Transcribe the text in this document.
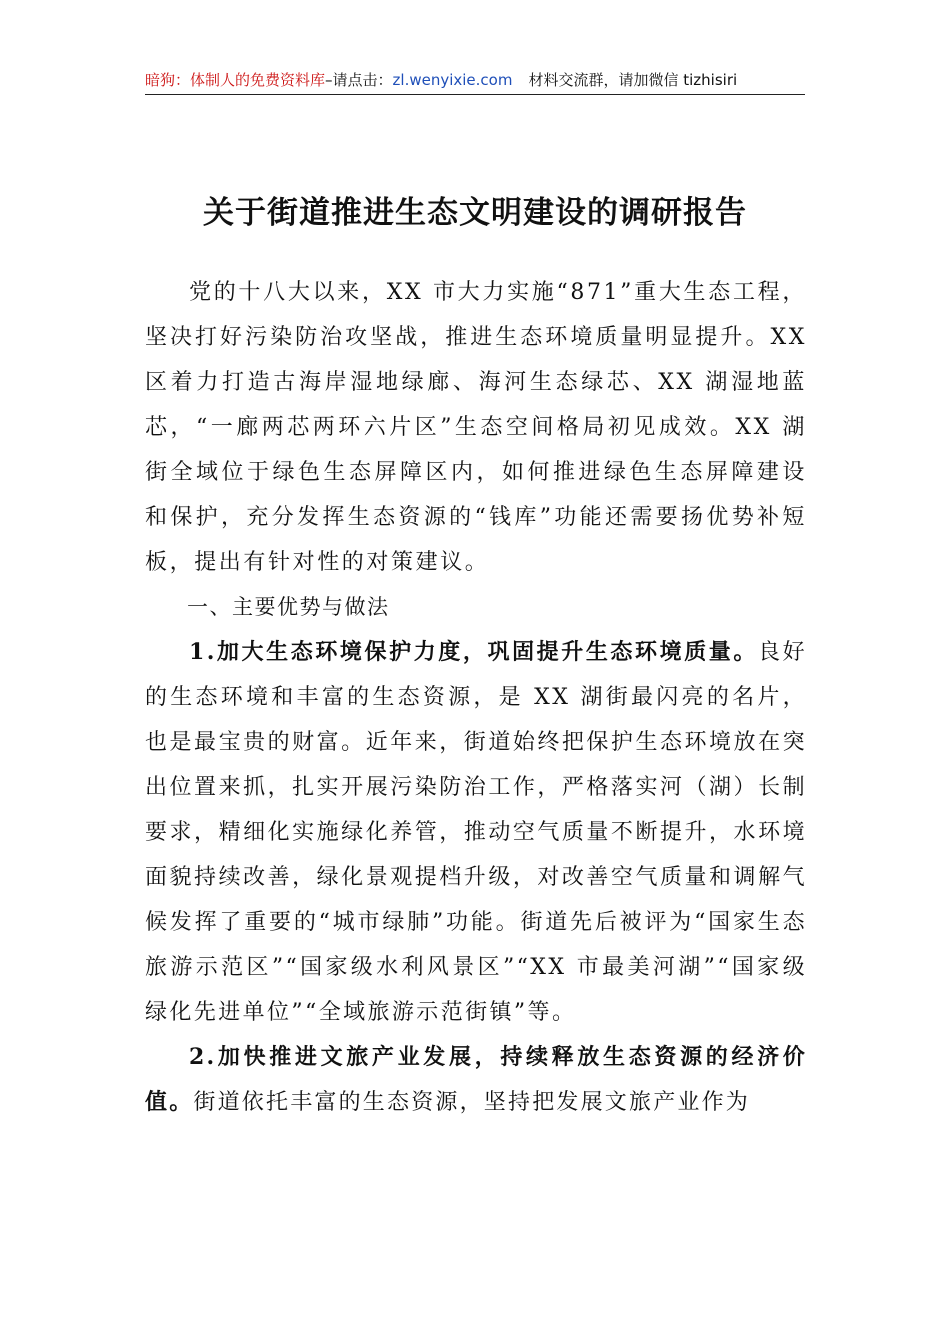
暗狗：体制人的免费资料库–请点击：zl.wenyixie.com 材料交流群，请加微信 tizhisiri
关于街道推进生态文明建设的调研报告

党的十八大以来，XX 市大力实施“871”重大生态工程，坚决打好污染防治攻坚战，推进生态环境质量明显提升。XX 区着力打造古海岸湿地绿廊、海河生态绿芯、XX 湖湿地蓝芯，“一廊两芯两环六片区”生态空间格局初见成效。XX 湖街全域位于绿色生态屏障区内，如何推进绿色生态屏障建设和保护，充分发挥生态资源的“钱库”功能还需要扬优势补短板，提出有针对性的对策建议。

一、主要优势与做法

1.加大生态环境保护力度，巩固提升生态环境质量。良好的生态环境和丰富的生态资源，是 XX 湖街最闪亮的名片，也是最宝贵的财富。近年来，街道始终把保护生态环境放在突出位置来抓，扎实开展污染防治工作，严格落实河（湖）长制要求，精细化实施绿化养管，推动空气质量不断提升，水环境面貌持续改善，绿化景观提档升级，对改善空气质量和调解气候发挥了重要的“城市绿肺”功能。街道先后被评为“国家生态旅游示范区”“国家级水利风景区”“XX 市最美河湖”“国家级绿化先进单位”“全域旅游示范街镇”等。

2.加快推进文旅产业发展，持续释放生态资源的经济价值。街道依托丰富的生态资源，坚持把发展文旅产业作为
